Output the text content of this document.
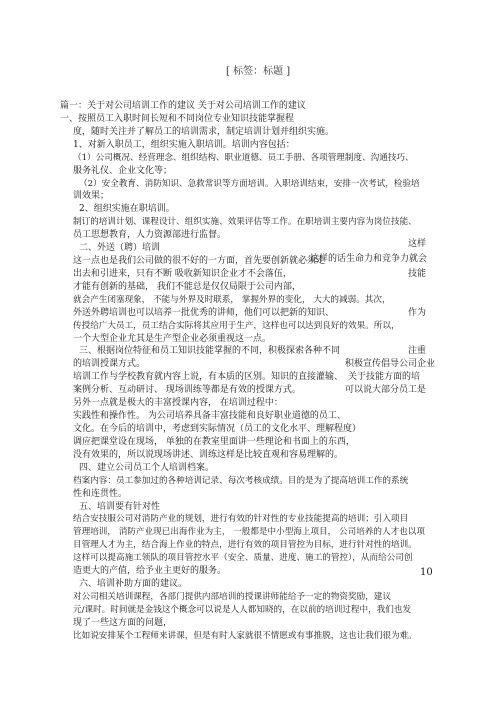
[ 标签：标题 ]
篇一：关于对公司培训工作的建议 关于对公司培训工作的建议
一、按照员工入职时间长短和不同岗位专业知识技能掌握程
度，随时关注并了解员工的培训需求，制定培训计划并组织实施。
1、对新入职员工，组织实施入职培训。培训内容包括：
（1）公司概况、经营理念、组织结构、职业道德、员工手册、各项管理制度、沟通技巧、
服务礼仪、企业文化等；
（2）安全教育、消防知识、急救常识等方面培训。入职培训结束，安排一次考试，检验培
训效果；
2、组织实施在职培训。
制订的培训计划、课程设计、组织实施、效果评估等工作。在职培训主要内容为岗位技能、
员工思想教育，人力资源部进行监督。
二、外送（聘）培训
这一点也是我们公司做的很不好的一方面，首先要创新就必须走
出去和引进来，只有不断 吸收新知识企业才不会落伍，
才能有创新的基础， 我们不能总是仅仅局限于公司内部，
就会产生闭塞现象， 不能与外界及时联系， 掌握外界的变化， 大大的减弱。其次，
外送外聘培训也可以培养一批优秀的讲师，他们可以把新的知识、
传授给广大员工，员工结合实际将其应用于生产，这样也可以达到良好的效果。所以，
一个大型企业尤其是生产型企业必须重视这一点。
三、根据岗位特征和员工知识技能掌握的不同，积极探索各种不同
的培训授课方式。
培训工作与学校教育就内容上说，有本质的区别。知识的直接灌输、
案例分析、互动研讨、 现场训练等都是有效的授课方式。
另外一点就是极大的丰富授课内容， 在培训过程中：
实践性和操作性。 为公司培养具备丰富技能和良好职业道德的员工、
文化。在今后的培训中，考虑到实际情况（员工的文化水平、理解程度）
调应把课堂设在现场， 单独的在教室里面讲一些理论和书面上的东西，
没有效果的，所以说现场讲述、训练这样是比较直观和容易理解的。
四、建立公司员工个人培训档案。
档案内容：员工参加过的各种培训记录、每次考核成绩。目的是为了提高培训工作的系统
性和连贯性。
五、培训要有针对性
结合安技服公司对消防产业的规划，进行有效的针对性的专业技能提高的培训；引入项目
管理培训， 消防产业现已出海作业为主， 一般都是中小型海上项目， 公司培养的人才也以项
目管理人才为主，结合海上作业的特点，进行有效的项目管控为目标，进行针对性的培训。
这样可以提高施工领队的项目管控水平（安全、质量、进度、施工的管控），从而给公司创
造更大的产值，给予业主更好的服务。
六、培训补助方面的建议。
对公司相关培训课程，各部门提供内部培训的授课讲师能给予一定的物资奖励，建议
元/课时。时间就是金钱这个概念可以说是人人都知晓的，在以前的培训过程中，我们也发
现了一些这方面的问题，
比如说安排某个工程师来讲课，但是有时人家就很不情愿或有事推脱，这也让我们很为难。
这样
这样的话生命力和竞争力就会
技能
作为
注重
积极宣传倡导公司企业
关于技能方面的培
可以说大部分员工是
10
